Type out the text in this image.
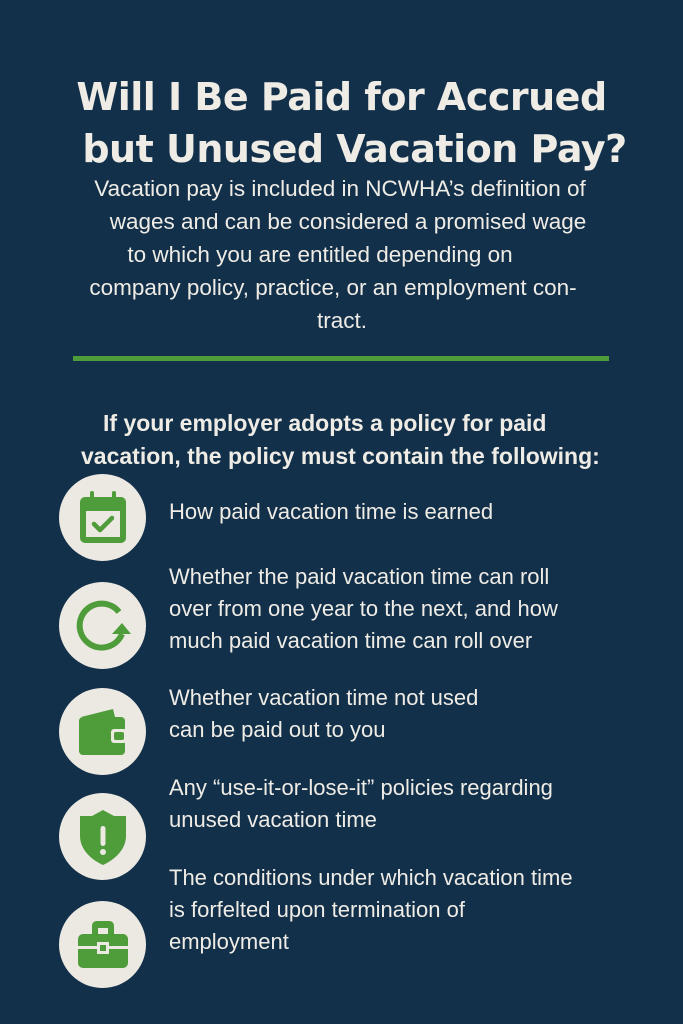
Will I Be Paid for Accrued
but Unused Vacation Pay?
Vacation pay is included in NCWHA’s definition of
wages and can be considered a promised wage
to which you are entitled depending on
company policy, practice, or an employment con-
tract.
If your employer adopts a policy for paid
vacation, the policy must contain the following:
How paid vacation time is earned
Whether the paid vacation time can roll
over from one year to the next, and how
much paid vacation time can roll over
Whether vacation time not used
can be paid out to you
Any “use-it-or-lose-it” policies regarding
unused vacation time
The conditions under which vacation time
is forfelted upon termination of
employment
